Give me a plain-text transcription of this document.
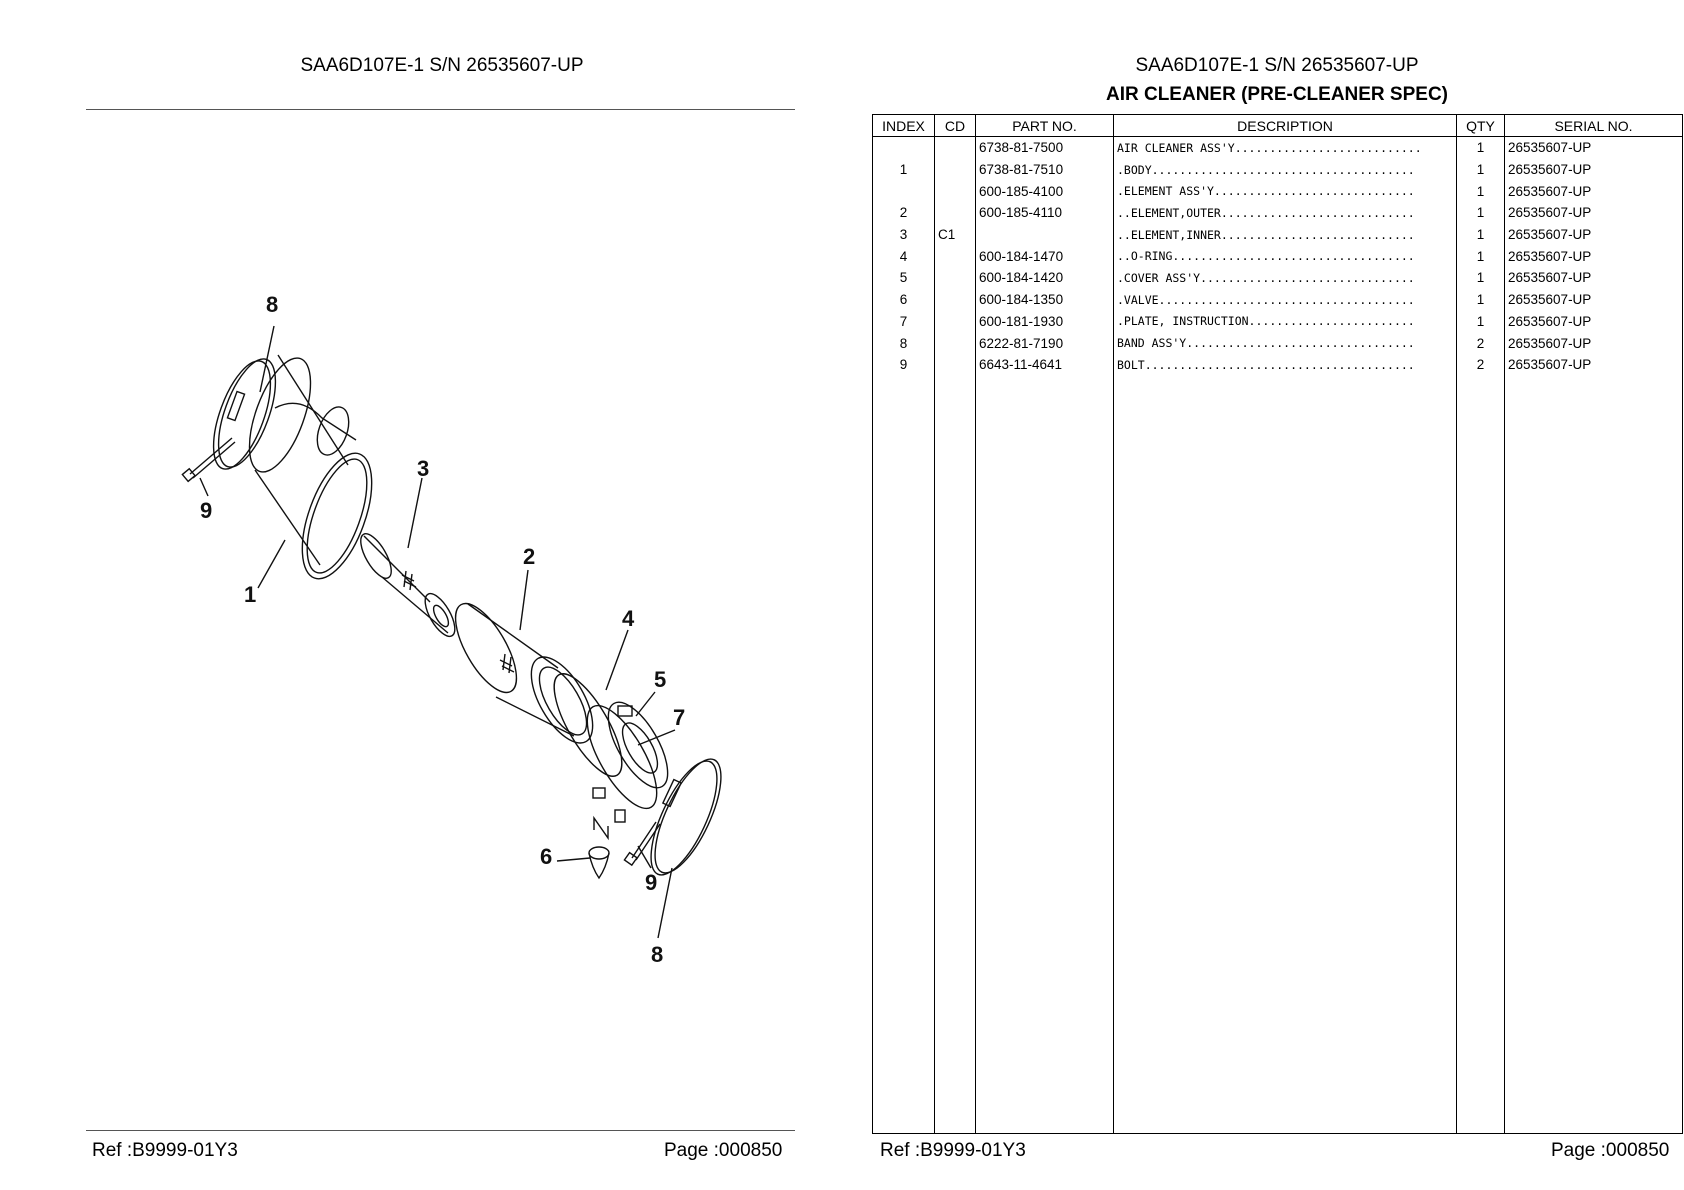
SAA6D107E-1 S/N 26535607-UP
8
9
3
1
2
4
5
7
6
9
8
Ref :B9999-01Y3	Page :000850
SAA6D107E-1 S/N 26535607-UP
AIR CLEANER (PRE-CLEANER SPEC)
INDEX	CD	PART NO.	DESCRIPTION	QTY	SERIAL NO.
		6738-81-7500	AIR CLEANER ASS'Y...........................	1	26535607-UP
1		6738-81-7510	.BODY......................................	1	26535607-UP
		600-185-4100	.ELEMENT ASS'Y.............................	1	26535607-UP
2		600-185-4110	..ELEMENT,OUTER............................	1	26535607-UP
3	C1		..ELEMENT,INNER............................	1	26535607-UP
4		600-184-1470	..O-RING...................................	1	26535607-UP
5		600-184-1420	.COVER ASS'Y...............................	1	26535607-UP
6		600-184-1350	.VALVE.....................................	1	26535607-UP
7		600-181-1930	.PLATE, INSTRUCTION........................	1	26535607-UP
8		6222-81-7190	BAND ASS'Y.................................	2	26535607-UP
9		6643-11-4641	BOLT.......................................	2	26535607-UP

Ref :B9999-01Y3	Page :000850
